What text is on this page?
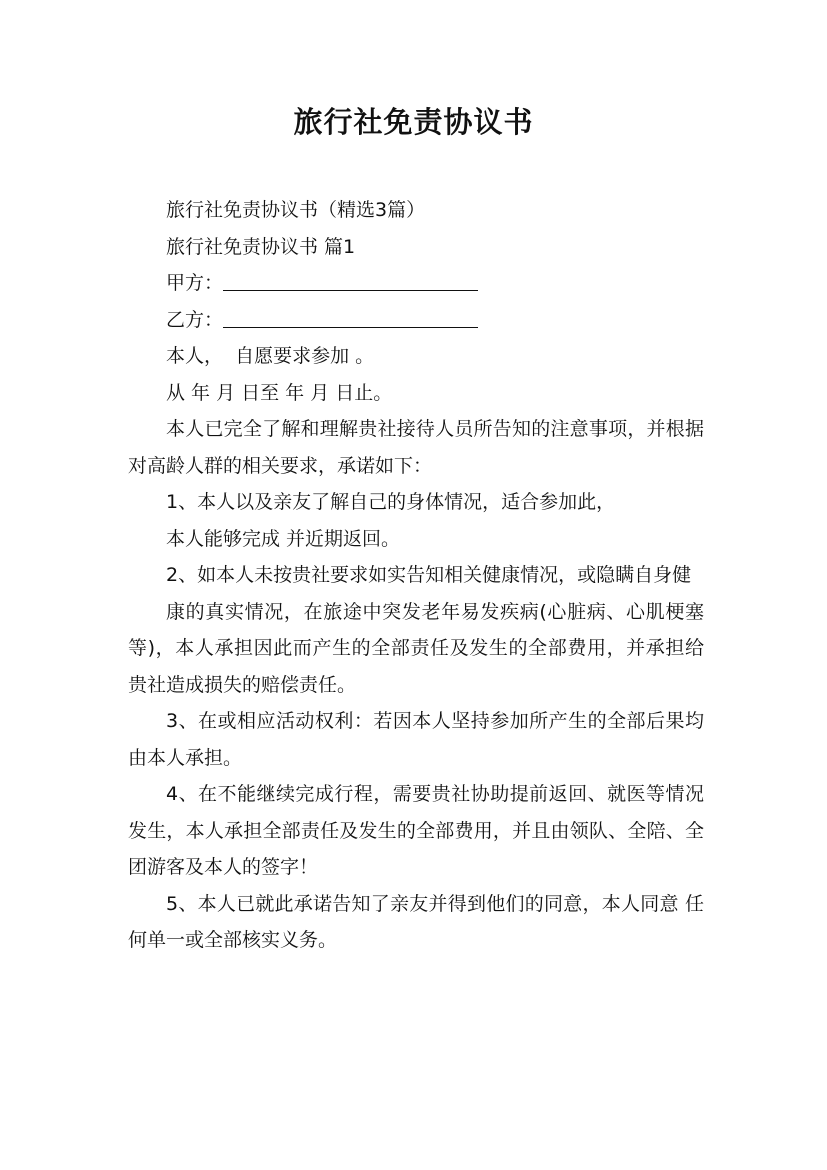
旅行社免责协议书

旅行社免责协议书（精选3篇）

旅行社免责协议书 篇1

甲方：

乙方：

本人，  自愿要求参加 。

从 年 月 日至 年 月 日止。

本人已完全了解和理解贵社接待人员所告知的注意事项，并根据对高龄人群的相关要求，承诺如下：

1、本人以及亲友了解自己的身体情况，适合参加此，

本人能够完成 并近期返回。

2、如本人未按贵社要求如实告知相关健康情况，或隐瞒自身健

康的真实情况，在旅途中突发老年易发疾病(心脏病、心肌梗塞等)，本人承担因此而产生的全部责任及发生的全部费用，并承担给贵社造成损失的赔偿责任。

3、在或相应活动权利：若因本人坚持参加所产生的全部后果均由本人承担。

4、在不能继续完成行程，需要贵社协助提前返回、就医等情况发生，本人承担全部责任及发生的全部费用，并且由领队、全陪、全团游客及本人的签字！

5、本人已就此承诺告知了亲友并得到他们的同意，本人同意 任何单一或全部核实义务。
